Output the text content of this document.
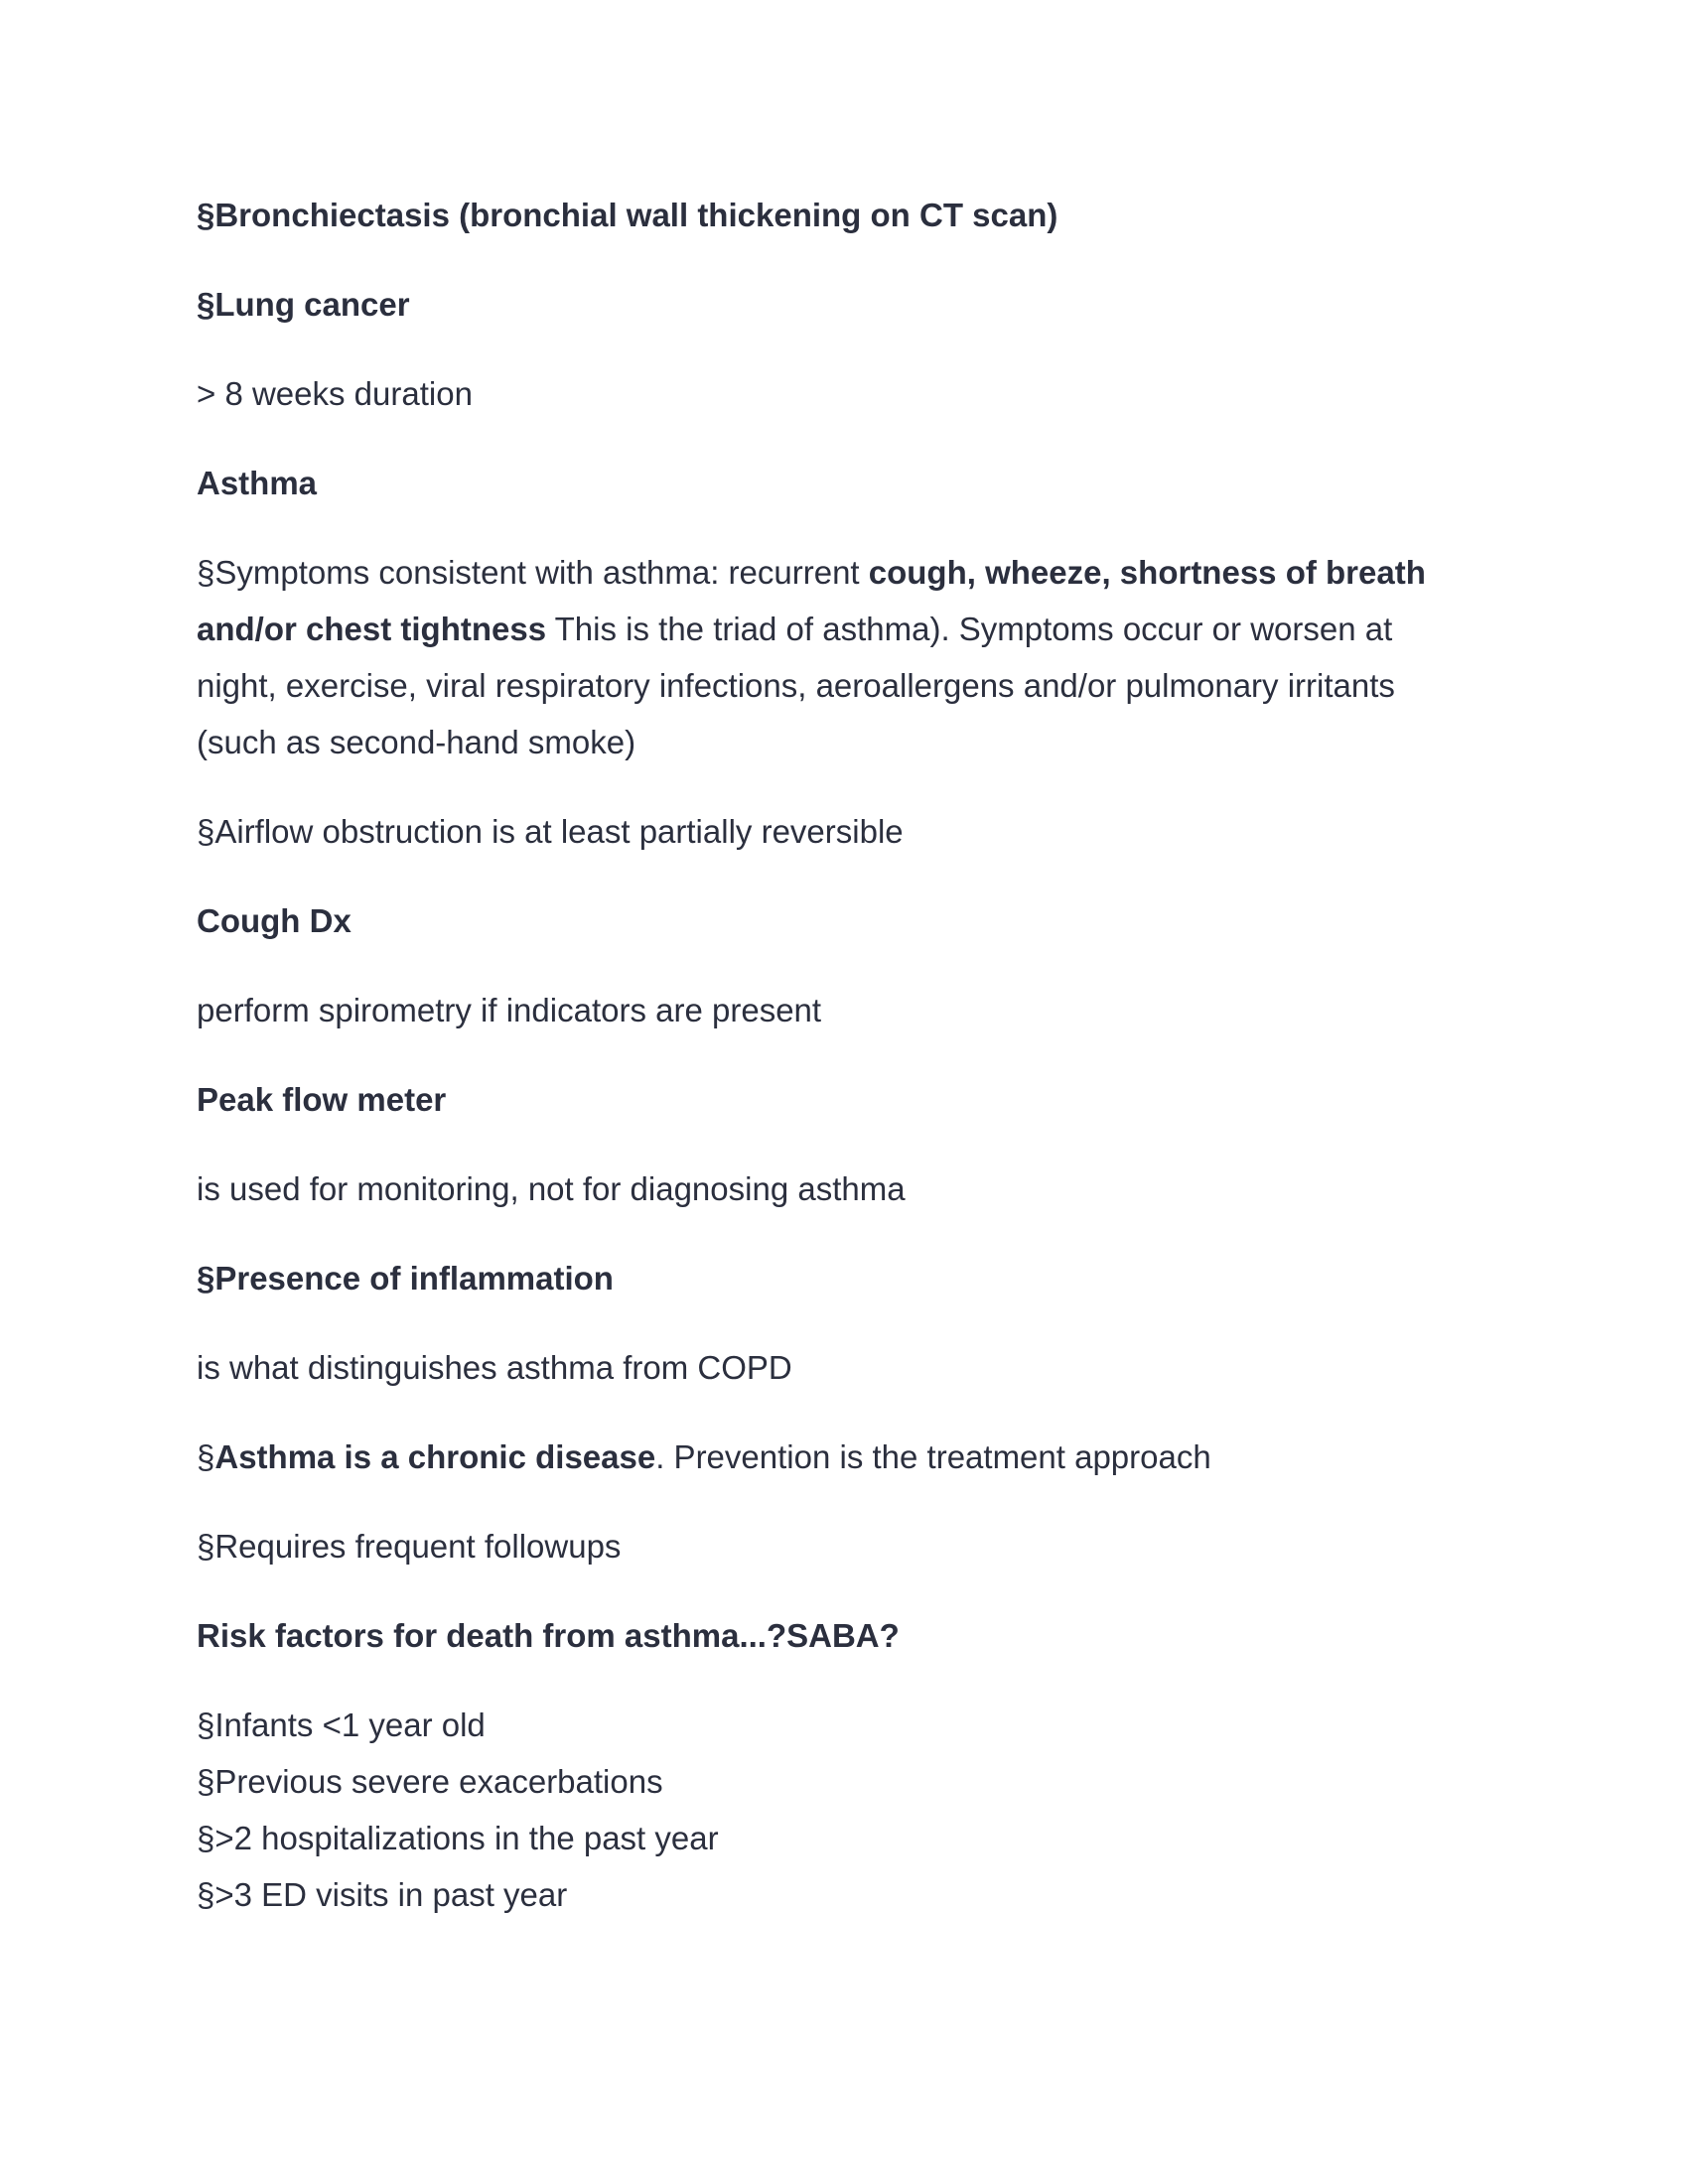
§Bronchiectasis (bronchial wall thickening on CT scan)
§Lung cancer
> 8 weeks duration
Asthma
§Symptoms consistent with asthma: recurrent cough, wheeze, shortness of breath
and/or chest tightness This is the triad of asthma). Symptoms occur or worsen at
night, exercise, viral respiratory infections, aeroallergens and/or pulmonary irritants
(such as second-hand smoke)
§Airflow obstruction is at least partially reversible
Cough Dx
perform spirometry if indicators are present
Peak flow meter
is used for monitoring, not for diagnosing asthma
§Presence of inflammation
is what distinguishes asthma from COPD
§Asthma is a chronic disease. Prevention is the treatment approach
§Requires frequent followups
Risk factors for death from asthma...?SABA?
§Infants <1 year old
§Previous severe exacerbations
§>2 hospitalizations in the past year
§>3 ED visits in past year
